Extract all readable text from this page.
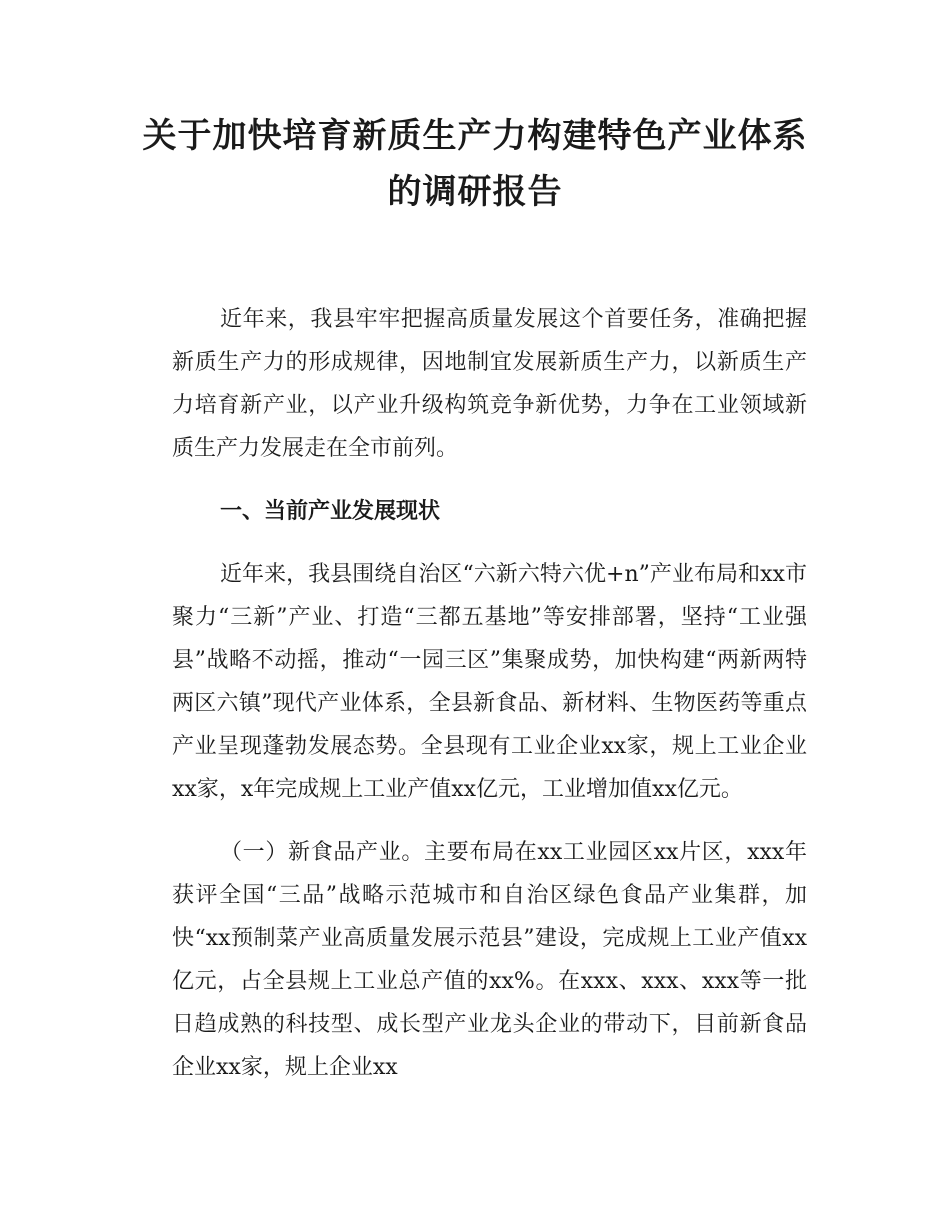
关于加快培育新质生产力构建特色产业体系
的调研报告

近年来，我县牢牢把握高质量发展这个首要任务，准确把握新质生产力的形成规律，因地制宜发展新质生产力，以新质生产力培育新产业，以产业升级构筑竞争新优势，力争在工业领域新质生产力发展走在全市前列。

一、当前产业发展现状

近年来，我县围绕自治区“六新六特六优+n”产业布局和xx市聚力“三新”产业、打造“三都五基地”等安排部署，坚持“工业强县”战略不动摇，推动“一园三区”集聚成势，加快构建“两新两特两区六镇”现代产业体系，全县新食品、新材料、生物医药等重点产业呈现蓬勃发展态势。全县现有工业企业xx家，规上工业企业xx家，x年完成规上工业产值xx亿元，工业增加值xx亿元。

（一）新食品产业。主要布局在xx工业园区xx片区，xxx年获评全国“三品”战略示范城市和自治区绿色食品产业集群，加快“xx预制菜产业高质量发展示范县”建设，完成规上工业产值xx亿元，占全县规上工业总产值的xx%。在xxx、xxx、xxx等一批日趋成熟的科技型、成长型产业龙头企业的带动下，目前新食品企业xx家，规上企业xx
